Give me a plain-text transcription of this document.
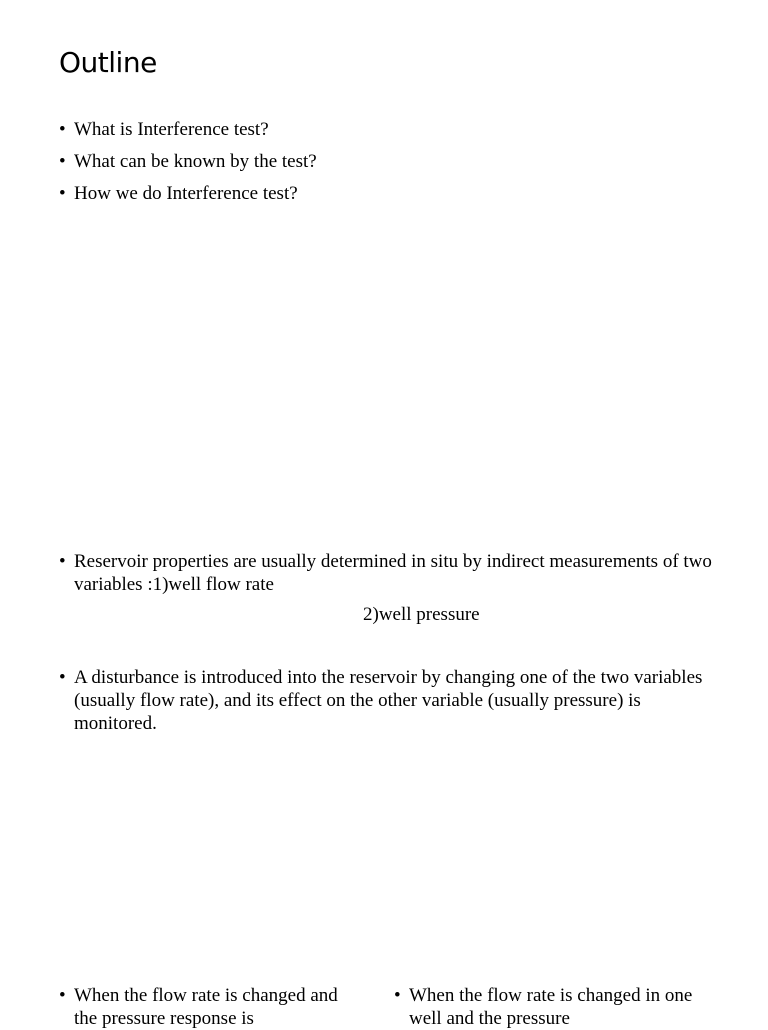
Outline
• What is Interference test?
• What can be known by the test?
• How we do Interference test?
• Reservoir properties are usually determined in situ by indirect measurements of two variables :1)well flow rate
2)well pressure
• A disturbance is introduced into the reservoir by changing one of the two variables (usually flow rate), and its effect on the other variable (usually pressure) is monitored.
• When the flow rate is changed and the pressure response is
• When the flow rate is changed in one well and the pressure
